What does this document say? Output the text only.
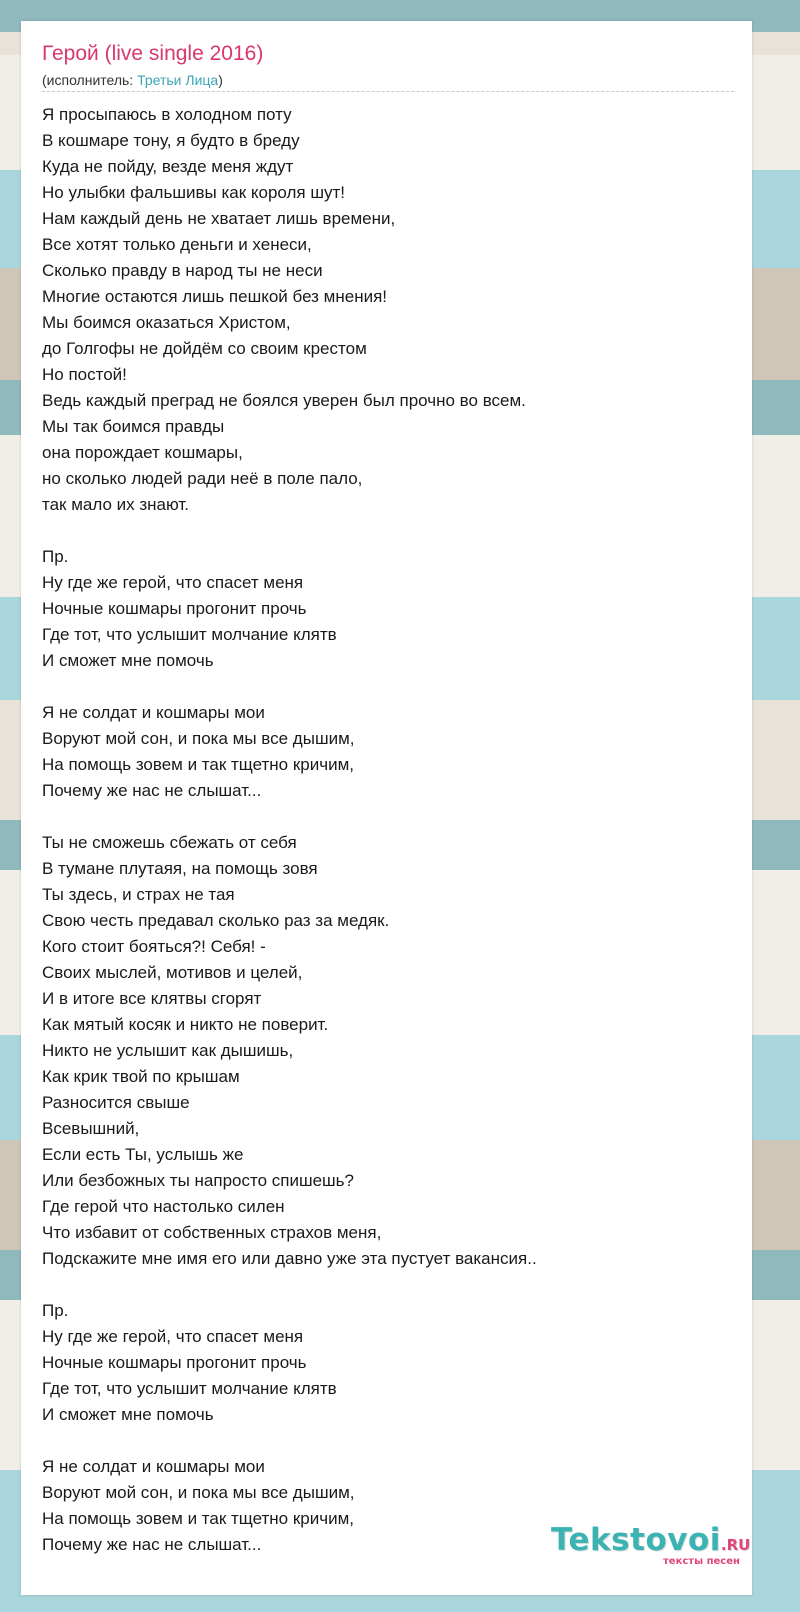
Герой (live single 2016)
(исполнитель: Третьи Лица)
Я просыпаюсь в холодном поту
В кошмаре тону, я будто в бреду
Куда не пойду, везде меня ждут
Но улыбки фальшивы как короля шут!
Нам каждый день не хватает лишь времени,
Все хотят только деньги и хенеси,
Сколько правду в народ ты не неси
Многие остаются лишь пешкой без мнения!
Мы боимся оказаться Христом,
до Голгофы не дойдём со своим крестом
Но постой!
Ведь каждый преград не боялся уверен был прочно во всем.
Мы так боимся правды
она порождает кошмары,
но сколько людей ради неё в поле пало,
так мало их знают.
Пр.
Ну где же герой, что спасет меня
Ночные кошмары прогонит прочь
Где тот, что услышит молчание клятв
И сможет мне помочь
Я не солдат и кошмары мои
Воруют мой сон, и пока мы все дышим,
На помощь зовем и так тщетно кричим,
Почему же нас не слышат...
Ты не сможешь сбежать от себя
В тумане плутаяя, на помощь зовя
Ты здесь, и страх не тая
Свою честь предавал сколько раз за медяк.
Кого стоит бояться?! Себя! -
Своих мыслей, мотивов и целей,
И в итоге все клятвы сгорят
Как мятый косяк и никто не поверит.
Никто не услышит как дышишь,
Как крик твой по крышам
Разносится свыше
Всевышний,
Если есть Ты, услышь же
Или безбожных ты напросто спишешь?
Где герой что настолько силен
Что избавит от собственных страхов меня,
Подскажите мне имя его или давно уже эта пустует вакансия..
Пр.
Ну где же герой, что спасет меня
Ночные кошмары прогонит прочь
Где тот, что услышит молчание клятв
И сможет мне помочь
Я не солдат и кошмары мои
Воруют мой сон, и пока мы все дышим,
На помощь зовем и так тщетно кричим,
Почему же нас не слышат...	Tekstovoi.RU
тексты песен
